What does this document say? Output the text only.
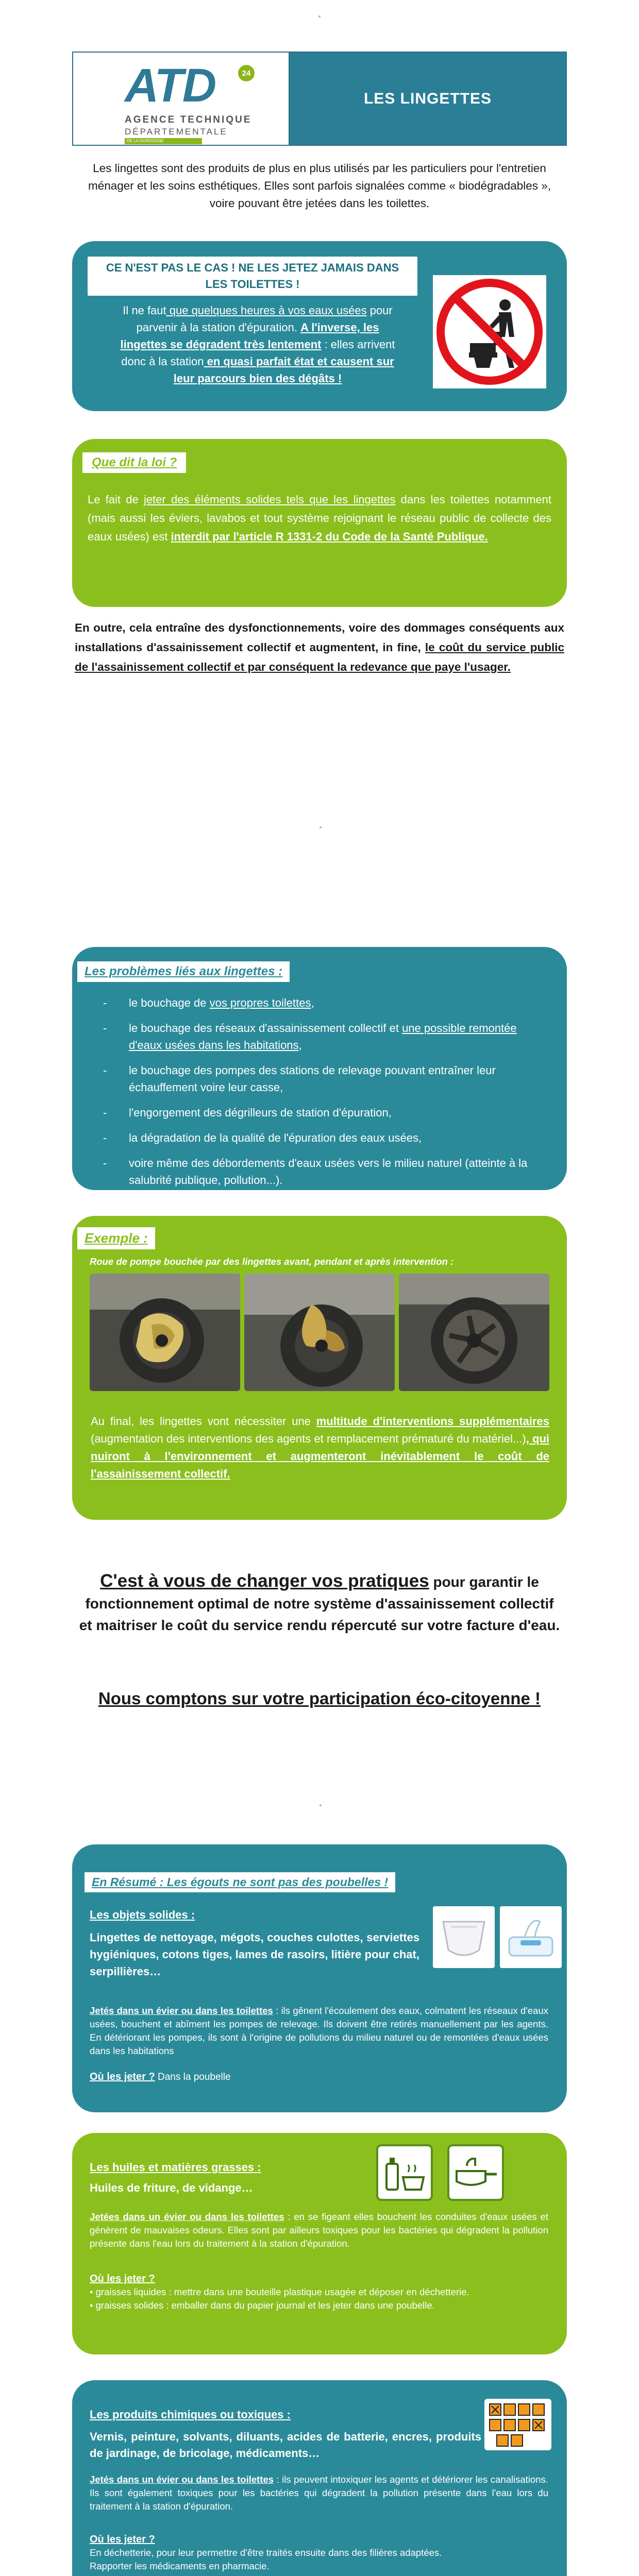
ATD	24
AGENCE TECHNIQUE
DÉPARTEMENTALE
DE LA DORDOGNE
LES LINGETTES

Les lingettes sont des produits de plus en plus utilisés par les particuliers pour l'entretien ménager et les soins esthétiques. Elles sont parfois signalées comme « biodégradables », voire pouvant être jetées dans les toilettes.

CE N'EST PAS LE CAS ! NE LES JETEZ JAMAIS DANS LES TOILETTES !

Il ne faut que quelques heures à vos eaux usées pour parvenir à la station d'épuration. A l'inverse, les lingettes se dégradent très lentement : elles arrivent donc à la station en quasi parfait état et causent sur leur parcours bien des dégâts !

Que dit la loi ?

Le fait de jeter des éléments solides tels que les lingettes dans les toilettes notamment (mais aussi les éviers, lavabos et tout système rejoignant le réseau public de collecte des eaux usées) est interdit par l'article R 1331-2 du Code de la Santé Publique.

En outre, cela entraîne des dysfonctionnements, voire des dommages conséquents aux installations d'assainissement collectif et augmentent, in fine, le coût du service public de l'assainissement collectif et par conséquent la redevance que paye l'usager.

Les problèmes liés aux lingettes :
- le bouchage de vos propres toilettes,
- le bouchage des réseaux d'assainissement collectif et une possible remontée d'eaux usées dans les habitations,
- le bouchage des pompes des stations de relevage pouvant entraîner leur échauffement voire leur casse,
- l'engorgement des dégrilleurs de station d'épuration,
- la dégradation de la qualité de l'épuration des eaux usées,
- voire même des débordements d'eaux usées vers le milieu naturel (atteinte à la salubrité publique, pollution...).
Exemple :
Roue de pompe bouchée par des lingettes avant, pendant et après intervention :

Au final, les lingettes vont nécessiter une multitude d'interventions supplémentaires (augmentation des interventions des agents et remplacement prématuré du matériel...), qui nuiront à l'environnement et augmenteront inévitablement le coût de l'assainissement collectif.

C'est à vous de changer vos pratiques pour garantir le fonctionnement optimal de notre système d'assainissement collectif et maitriser le coût du service rendu répercuté sur votre facture d'eau.

Nous comptons sur votre participation éco-citoyenne !

En Résumé : Les égouts ne sont pas des poubelles !
Les objets solides :
Lingettes de nettoyage, mégots, couches culottes, serviettes hygiéniques, cotons tiges, lames de rasoirs, litière pour chat, serpillières…

Jetés dans un évier ou dans les toilettes : ils gênent l'écoulement des eaux, colmatent les réseaux d'eaux usées, bouchent et abîment les pompes de relevage. Ils doivent être retirés manuellement par les agents. En détériorant les pompes, ils sont à l'origine de pollutions du milieu naturel ou de remontées d'eaux usées dans les habitations

Où les jeter ? Dans la poubelle

Les huiles et matières grasses :
Huiles de friture, de vidange…

Jetées dans un évier ou dans les toilettes : en se figeant elles bouchent les conduites d'eaux usées et génèrent de mauvaises odeurs. Elles sont par ailleurs toxiques pour les bactéries qui dégradent la pollution présente dans l'eau lors du traitement à la station d'épuration.

Où les jeter ?
• graisses liquides : mettre dans une bouteille plastique usagée et déposer en déchetterie.
• graisses solides : emballer dans du papier journal et les jeter dans une poubelle.
Les produits chimiques ou toxiques :
Vernis, peinture, solvants, diluants, acides de batterie, encres, produits de jardinage, de bricolage, médicaments…

Jetés dans un évier ou dans les toilettes : ils peuvent intoxiquer les agents et détériorer les canalisations. Ils sont également toxiques pour les bactéries qui dégradent la pollution présente dans l'eau lors du traitement à la station d'épuration.

Où les jeter ?
En déchetterie, pour leur permettre d'être traités ensuite dans des filières adaptées.
Rapporter les médicaments en pharmacie.
